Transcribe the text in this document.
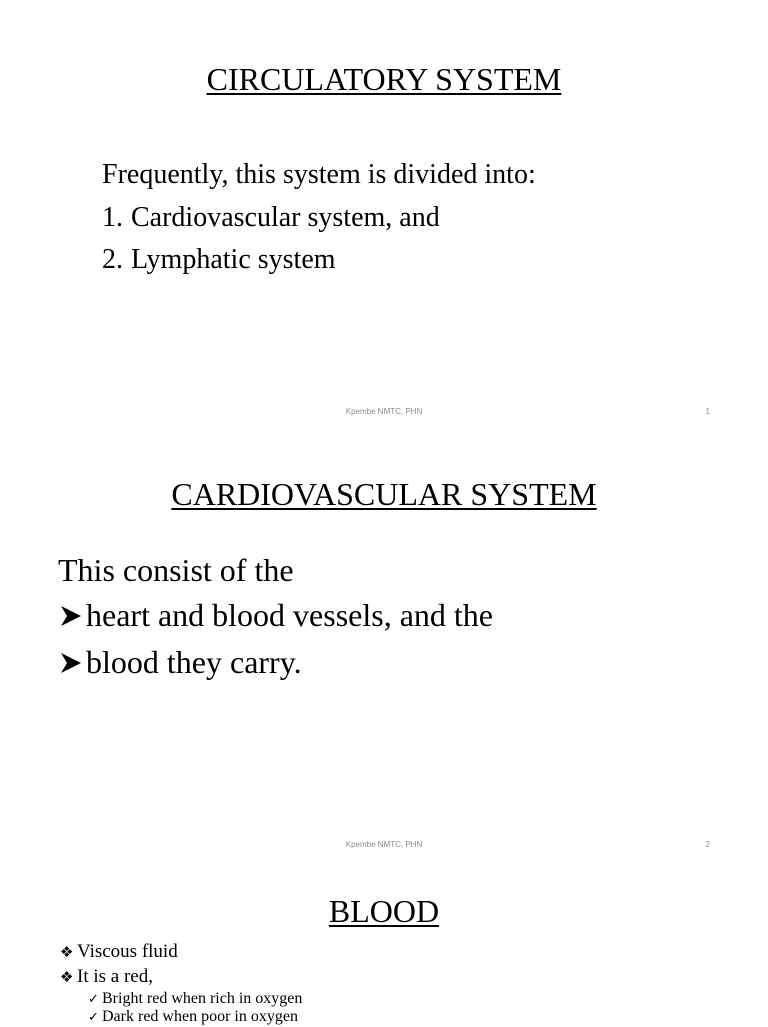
CIRCULATORY SYSTEM

Frequently, this system is divided into:

1. Cardiovascular system, and
2. Lymphatic system
Kpembe NMTC, PHN	1
CARDIOVASCULAR SYSTEM

This consist of the

heart and blood vessels, and the
blood they carry.
Kpembe NMTC, PHN	2
BLOOD
❖ Viscous fluid
❖ It is a red,
✓ Bright red when rich in oxygen
✓ Dark red when poor in oxygen
